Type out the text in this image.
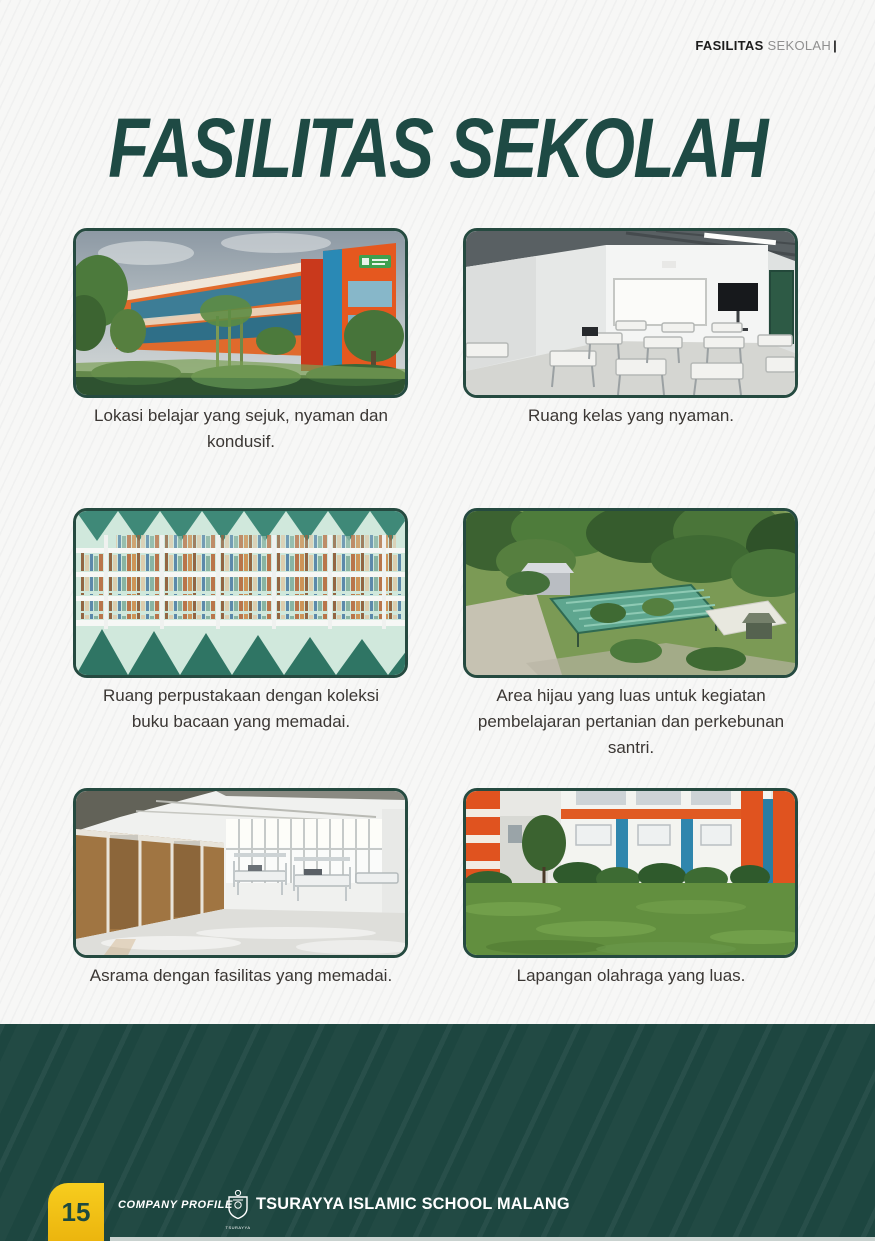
FASILITAS SEKOLAH |
FASILITAS SEKOLAH
Lokasi belajar yang sejuk, nyaman dan kondusif.
Ruang kelas yang nyaman.
Ruang perpustakaan dengan koleksi buku bacaan yang memadai.
Area hijau yang luas untuk kegiatan pembelajaran pertanian dan perkebunan santri.
Asrama dengan fasilitas yang memadai.	Lapangan olahraga yang luas.
15	COMPANY PROFILE
TSURAYYA
TSURAYYA ISLAMIC SCHOOL MALANG
